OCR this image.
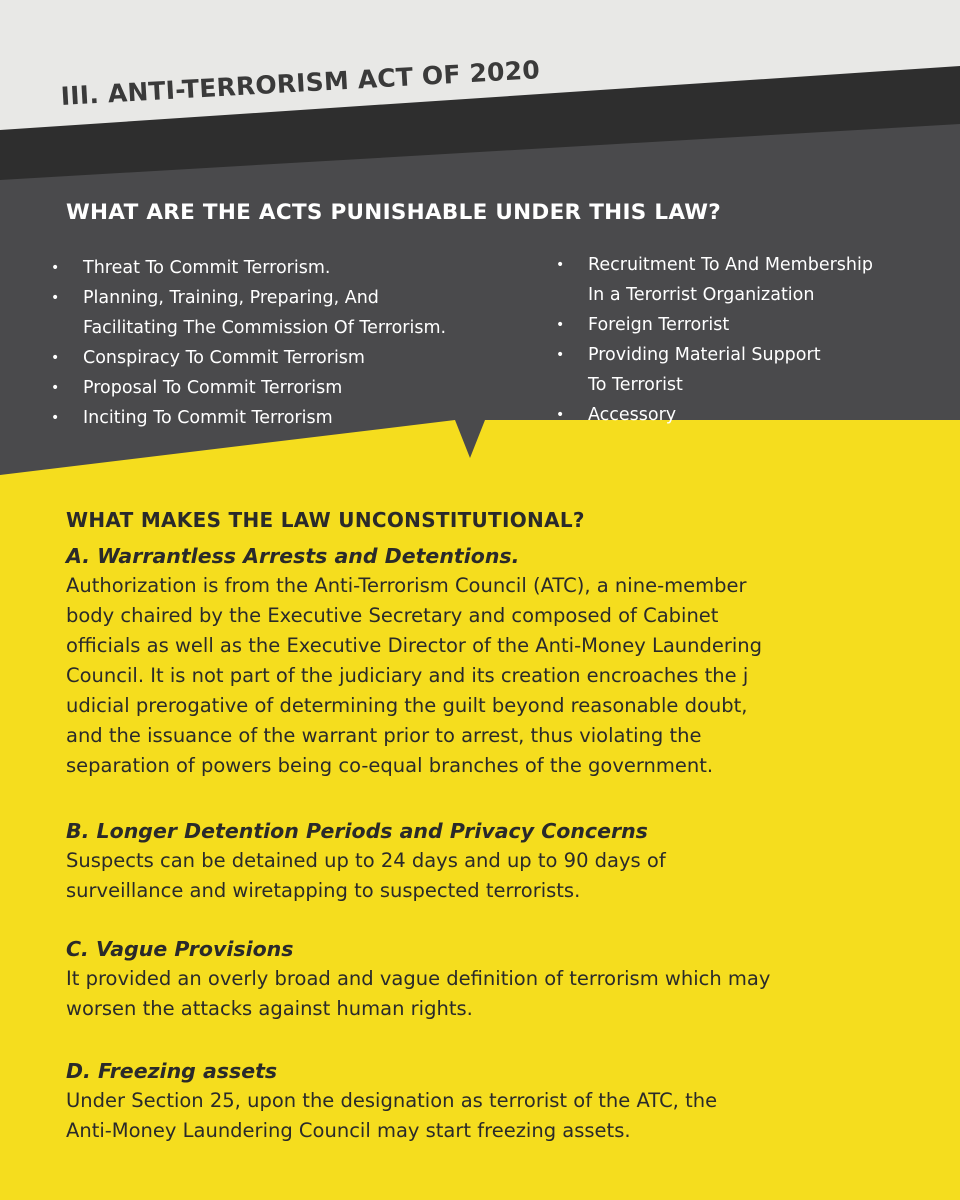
III. ANTI-TERRORISM ACT OF 2020
WHAT ARE THE ACTS PUNISHABLE UNDER THIS LAW?
• Threat To Commit Terrorism.
• Planning, Training, Preparing, And
Facilitating The Commission Of Terrorism.
• Conspiracy To Commit Terrorism
• Proposal To Commit Terrorism
• Inciting To Commit Terrorism
• Recruitment To And Membership
In a Terorrist Organization
• Foreign Terrorist
• Providing Material Support
To Terrorist
• Accessory
WHAT MAKES THE LAW UNCONSTITUTIONAL?
A. Warrantless Arrests and Detentions.

Authorization is from the Anti-Terrorism Council (ATC), a nine-member
body chaired by the Executive Secretary and composed of Cabinet
officials as well as the Executive Director of the Anti-Money Laundering
Council. It is not part of the judiciary and its creation encroaches the j
udicial prerogative of determining the guilt beyond reasonable doubt,
and the issuance of the warrant prior to arrest, thus violating the
separation of powers being co-equal branches of the government.

B. Longer Detention Periods and Privacy Concerns

Suspects can be detained up to 24 days and up to 90 days of
surveillance and wiretapping to suspected terrorists.

C. Vague Provisions

It provided an overly broad and vague definition of terrorism which may
worsen the attacks against human rights.

D. Freezing assets

Under Section 25, upon the designation as terrorist of the ATC, the
Anti-Money Laundering Council may start freezing assets.
